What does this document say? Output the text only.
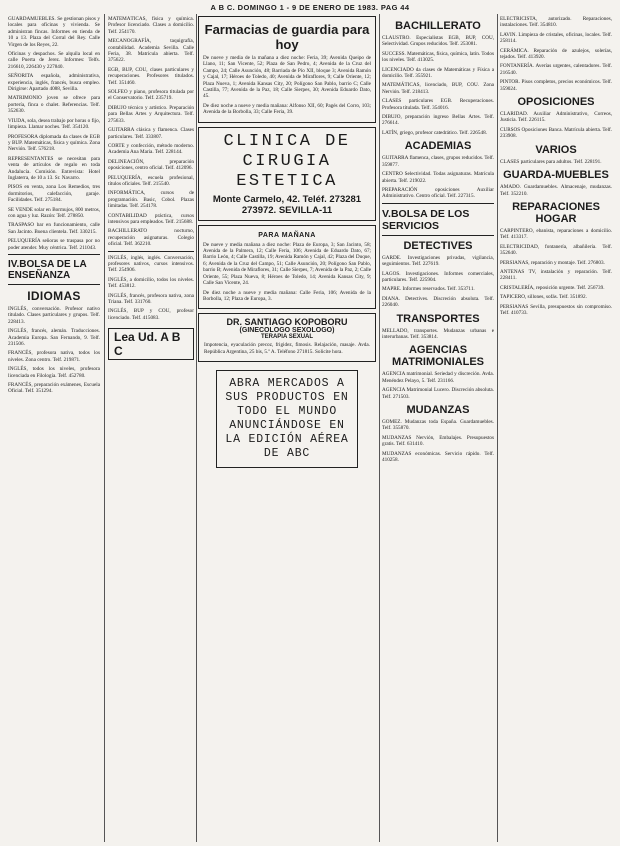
A B C. DOMINGO 1 - 9 DE ENERO DE 1983. PAG 44

GUARDAMUEBLES. Se gestionan pisos y locales para oficinas y vivienda. Se administran fincas. Informes en tienda de 10 a 13. Plaza del Corral del Rey. Calle Virgen de los Reyes, 22.

Oficinas y despachos. Se alquila local en calle Puerta de Jerez. Informes: Telfs. 216610, 226430 y 227840.

SEÑORITA española, administrativa, experiencia, inglés, francés, busca empleo. Dirigirse: Apartado 4088, Sevilla.

MATRIMONIO joven se ofrece para portería, finca o chalet. Referencias. Telf. 352630.

VIUDA, sola, desea trabajo por horas o fijo, limpieza. Llamar noches. Telf. 354120.

PROFESORA diplomada da clases de EGB y BUP. Matemáticas, física y química. Zona Nervión. Telf. 576218.

REPRESENTANTES se necesitan para venta de artículos de regalo en toda Andalucía. Comisión. Entrevista: Hotel Inglaterra, de 10 a 13. Sr. Navarro.

PISOS en venta, zona Los Remedios, tres dormitorios, calefacción, garaje. Facilidades. Telf. 275184.

SE VENDE solar en Bormujos, 800 metros, con agua y luz. Razón: Telf. 278850.

TRASPASO bar en funcionamiento, calle San Jacinto. Buena clientela. Telf. 330215.

PELUQUERÍA señoras se traspasa por no poder atender. Muy céntrica. Telf. 211043.

IV.BOLSA DE LA ENSEÑANZA
IDIOMAS

INGLÉS, conversación. Profesor nativo titulado. Clases particulares y grupos. Telf. 228413.

INGLÉS, francés, alemán. Traducciones. Academia Europa. San Fernando, 9. Telf. 231506.

FRANCÉS, profesora nativa, todos los niveles. Zona centro. Telf. 219871.

INGLÉS, todos los niveles, profesora licenciada en Filología. Telf. 452780.

FRANCÉS, preparación exámenes, Escuela Oficial. Telf. 351294.

MATEMÁTICAS, física y química. Profesor licenciado. Clases a domicilio. Telf. 254170.

MECANOGRAFÍA, taquigrafía, contabilidad. Academia Sevilla. Calle Feria, 38. Matrícula abierta. Telf. 375622.

EGB, BUP, COU, clases particulares y recuperaciones. Profesores titulados. Telf. 351460.

SOLFEO y piano, profesora titulada por el Conservatorio. Telf. 235719.

DIBUJO técnico y artístico. Preparación para Bellas Artes y Arquitectura. Telf. 275633.

GUITARRA clásica y flamenca. Clases particulares. Telf. 333807.

CORTE y confección, método moderno. Academia Ana María. Telf. 228144.

DELINEACIÓN, preparación oposiciones, centro oficial. Telf. 412096.

PELUQUERÍA, escuela profesional, títulos oficiales. Telf. 215540.

INFORMÁTICA, cursos de programación. Basic, Cobol. Plazas limitadas. Telf. 254178.

CONTABILIDAD práctica, cursos intensivos para empleados. Telf. 215688.

BACHILLERATO nocturno, recuperación asignaturas. Colegio oficial. Telf. 362210.

INGLÉS, inglés, inglés. Conversación, profesores nativos, cursos intensivos. Telf. 254906.

INGLÉS, a domicilio, todos los niveles. Telf. 453812.

INGLÉS, francés, profesora nativa, zona Triana. Telf. 331760.

INGLÉS, BUP y COU, profesor licenciado. Telf. 415083.

Lea Ud. A B C
Farmacias de guardia para hoy

De nueve y media de la mañana a diez noche: Feria, 39; Avenida Queipo de Llano, 11; San Vicente, 52; Plaza de San Pedro, 4; Avenida de la Cruz del Campo, 24; Calle Asunción, 48; Barriada de Pío XII, bloque 3; Avenida Ramón y Cajal, 17; Héroes de Toledo, 40; Avenida de Miraflores, 9; Calle Oriente, 12; Plaza Nueva, 1; Avenida Kansas City, 20; Polígono San Pablo, barrio C; Calle Castilla, 77; Avenida de la Paz, 18; Calle Sierpes, 30; Avenida Eduardo Dato, 45.

De diez noche a nueve y media mañana: Alfonso XII, 60; Pagés del Corro, 103; Avenida de la Borbolla, 33; Calle Feria, 39.

CLINICA DE
CIRUGIA ESTETICA
Monte Carmelo, 42. Teléf. 273281
273972. SEVILLA-11
PARA MAÑANA

De nueve y media mañana a diez noche: Plaza de Europa, 3; San Jacinto, 58; Avenida de la Palmera, 12; Calle Feria, 106; Avenida de Eduardo Dato, 67; Barrio León, 4; Calle Castilla, 19; Avenida Ramón y Cajal, 42; Plaza del Duque, 6; Avenida de la Cruz del Campo, 51; Calle Asunción, 20; Polígono San Pablo, barrio B; Avenida de Miraflores, 31; Calle Sierpes, 7; Avenida de la Paz, 2; Calle Oriente, 55; Plaza Nueva, 8; Héroes de Toledo, 14; Avenida Kansas City, 9; Calle San Vicente, 24.

De diez noche a nueve y media mañana: Calle Feria, 106; Avenida de la Borbolla, 12; Plaza de Europa, 3.

DR. SANTIAGO KOPOBORU
(GINECOLOGO SEXOLOGO)
TERAPIA SEXUAL

Impotencia, eyaculación precoz, frigidez, fimosis. Relajación, masaje. Avda. República Argentina, 25 bis, 5.º A. Teléfono 271815. Solicite hora.

ABRA MERCADOS A
SUS PRODUCTOS EN
TODO EL MUNDO
ANUNCIÁNDOSE EN
LA EDICIÓN AÉREA
DE ABC
BACHILLERATO

CLAUSTRO. Especialistas EGB, BUP, COU, Selectividad. Grupos reducidos. Telf. 253081.

SUCCESS. Matemáticas, física, química, latín. Todos los niveles. Telf. 413025.

LICENCIADO da clases de Matemáticas y Física a domicilio. Telf. 355921.

MATEMÁTICAS, licenciado, BUP, COU. Zona Nervión. Telf. 218413.

CLASES particulares EGB. Recuperaciones. Profesora titulada. Telf. 354016.

DIBUJO, preparación ingreso Bellas Artes. Telf. 276614.

LATÍN, griego, profesor catedrático. Telf. 226548.

ACADEMIAS

GUITARRA flamenca, clases, grupos reducidos. Telf. 359877.

CENTRO Selectividad. Todas asignaturas. Matrícula abierta. Telf. 219022.

PREPARACIÓN oposiciones Auxiliar Administrativo. Centro oficial. Telf. 227315.

V.BOLSA DE LOS SERVICIOS
DETECTIVES

GARDE. Investigaciones privadas, vigilancia, seguimientos. Telf. 227619.

LAGOS. Investigaciones. Informes comerciales, particulares. Telf. 225904.

MAPRE. Informes reservados. Telf. 353711.

DIANA. Detectives. Discreción absoluta. Telf. 226040.

TRANSPORTES

MELLADO, transportes. Mudanzas urbanas e interurbanas. Telf. 353814.

AGENCIAS MATRIMONIALES

AGENCIA matrimonial. Seriedad y discreción. Avda. Menéndez Pelayo, 5. Telf. 231166.

AGENCIA Matrimonial Lucero. Discreción absoluta. Telf. 271503.

MUDANZAS

GOMEZ. Mudanzas toda España. Guardamuebles. Telf. 355870.

MUDANZAS Nervión, Embalajes. Presupuestos gratis. Telf. 631410.

MUDANZAS económicas. Servicio rápido. Telf. 410258.

ELECTRICISTA, autorizado. Reparaciones, instalaciones. Telf. 354810.

LAVIN. Limpieza de cristales, oficinas, locales. Telf. 258114.

CERÁMICA. Reparación de azulejos, solerías, tejados. Telf. 413920.

FONTANERÍA. Averías urgentes, calentadores. Telf. 216540.

PINTOR. Pisos completos, precios económicos. Telf. 359024.

OPOSICIONES

CLARIDAD. Auxiliar Administrativo, Correos, Justicia. Telf. 226115.

CURSOS Oposiciones Banca. Matrícula abierta. Telf. 233908.

VARIOS

CLASES particulares para adultos. Telf. 228191.

GUARDA-MUEBLES

AMADO. Guardamuebles. Almacenaje, mudanzas. Telf. 352210.

REPARACIONES HOGAR

CARPINTERO, ebanista, reparaciones a domicilio. Telf. 413317.

ELECTRICIDAD, fontanería, albañilería. Telf. 352640.

PERSIANAS, reparación y montaje. Telf. 276803.

ANTENAS TV, instalación y reparación. Telf. 228411.

CRISTALERÍA, reposición urgente. Telf. 256739.

TAPICERO, sillones, sofás. Telf. 351892.

PERSIANAS Sevilla, presupuestos sin compromiso. Telf. 410733.
